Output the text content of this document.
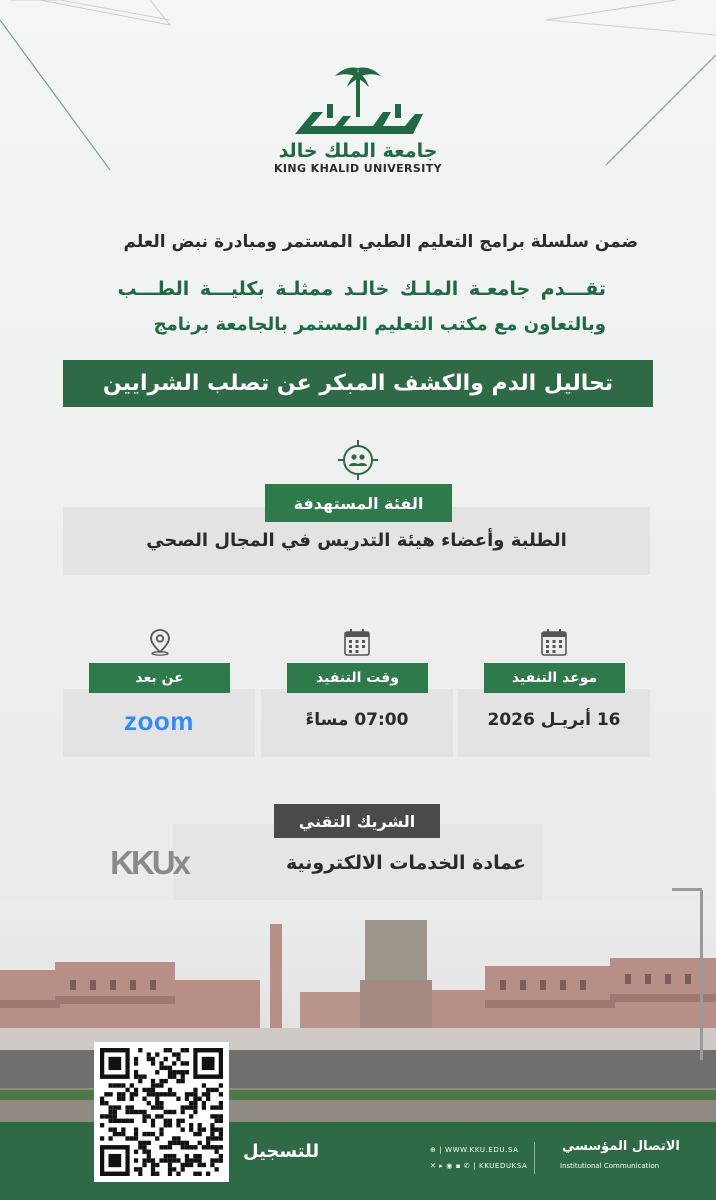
جامعة الملك خالد
KING KHALID UNIVERSITY
ضمن سلسلة برامج التعليم الطبي المستمر ومبادرة نبض العلم
تقـــدم جامعـة الملـك خالـد ممثلـة بكليـــة الطـــب
وبالتعاون مع مكتب التعليم المستمر بالجامعة برنامج
تحاليل الدم والكشف المبكر عن تصلب الشرايين
الفئة المستهدفة
الطلبة وأعضاء هيئة التدريس في المجال الصحي
موعد التنفيذ
16 أبريـل 2026
وقت التنفيذ
07:00 مساءً
عن بعد
zoom
الشريك التقني
عمادة الخدمات الالكترونية
KKUx
الاتصال المؤسسي
Institutional Communication
⊕ | WWW.KKU.EDU.SA
✕ ▸ ◉ ▪ ✆ | KKUEDUKSA
للتسجيل
